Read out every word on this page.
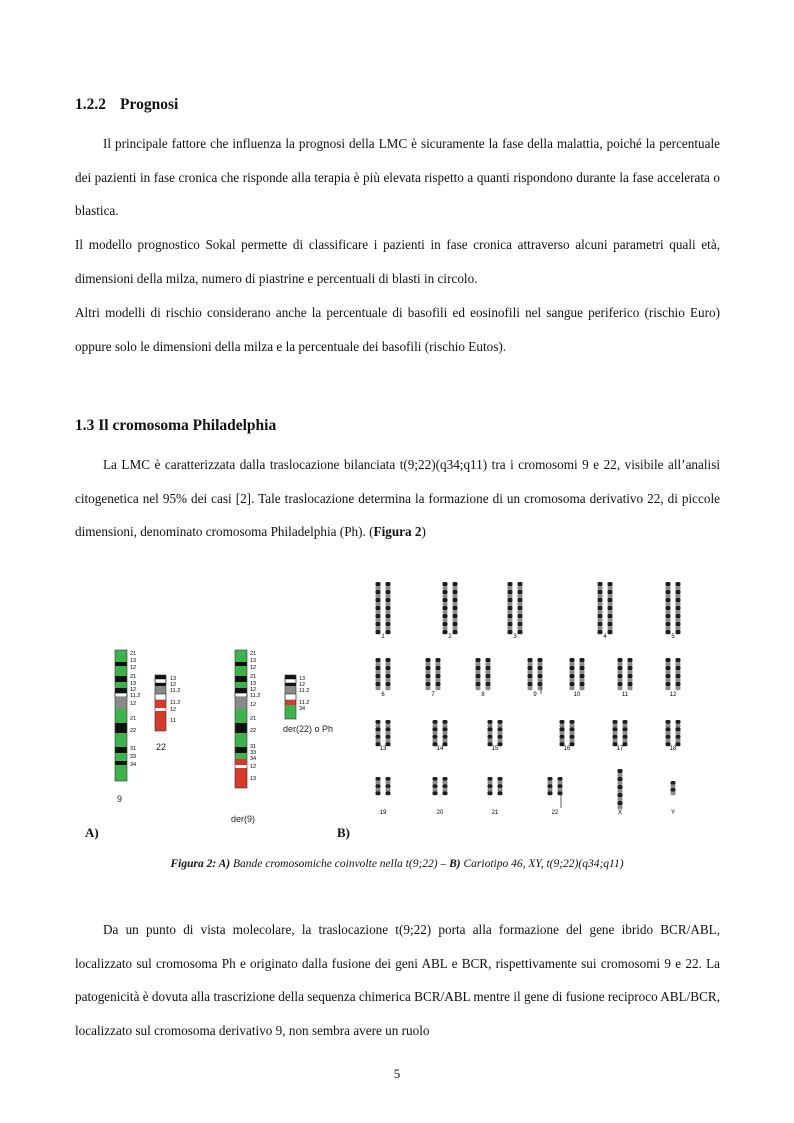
1.2.2 Prognosi
Il principale fattore che influenza la prognosi della LMC è sicuramente la fase della malattia, poiché la percentuale dei pazienti in fase cronica che risponde alla terapia è più elevata rispetto a quanti rispondono durante la fase accelerata o blastica.
Il modello prognostico Sokal permette di classificare i pazienti in fase cronica attraverso alcuni parametri quali età, dimensioni della milza, numero di piastrine e percentuali di blasti in circolo.
Altri modelli di rischio considerano anche la percentuale di basofili ed eosinofili nel sangue periferico (rischio Euro) oppure solo le dimensioni della milza e la percentuale dei basofili (rischio Eutos).
1.3 Il cromosoma Philadelphia
La LMC è caratterizzata dalla traslocazione bilanciata t(9;22)(q34;q11) tra i cromosomi 9 e 22, visibile all’analisi citogenetica nel 95% dei casi [2]. Tale traslocazione determina la formazione di un cromosoma derivativo 22, di piccole dimensioni, denominato cromosoma Philadelphia (Ph). (Figura 2)
21
13
12
21
13
12
11.2
12
21
22
31
33
34
9
13
12
11.2
11.2
12
11
22
21
13
12
21
13
12
11.2
12
21
22
31
33
34
12
13
der(9)
13
12
11.2
11.2
34
der(22) o Ph
A)
1	2	3	4	5
6	7	8	9	10	11	12
13	14	15	16	17	18
19	20	21	22	X	Y
B)
Figura 2: A) Bande cromosomiche coinvolte nella t(9;22) – B) Cariotipo 46, XY, t(9;22)(q34;q11)
Da un punto di vista molecolare, la traslocazione t(9;22) porta alla formazione del gene ibrido BCR/ABL, localizzato sul cromosoma Ph e originato dalla fusione dei geni ABL e BCR, rispettivamente sui cromosomi 9 e 22. La patogenicità è dovuta alla trascrizione della sequenza chimerica BCR/ABL mentre il gene di fusione reciproco ABL/BCR, localizzato sul cromosoma derivativo 9, non sembra avere un ruolo
5
